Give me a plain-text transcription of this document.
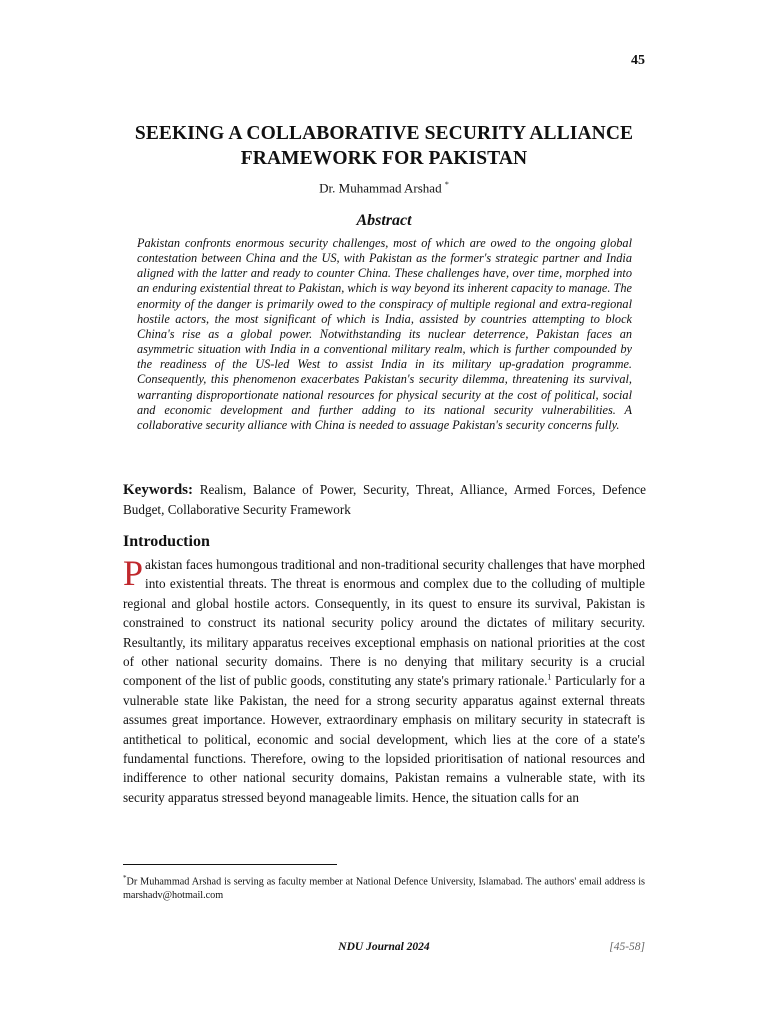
45
SEEKING A COLLABORATIVE SECURITY ALLIANCE
FRAMEWORK FOR PAKISTAN
Dr. Muhammad Arshad *
Abstract
Pakistan confronts enormous security challenges, most of which are owed to the ongoing global contestation between China and the US, with Pakistan as the former's strategic partner and India aligned with the latter and ready to counter China. These challenges have, over time, morphed into an enduring existential threat to Pakistan, which is way beyond its inherent capacity to manage. The enormity of the danger is primarily owed to the conspiracy of multiple regional and extra-regional hostile actors, the most significant of which is India, assisted by countries attempting to block China's rise as a global power. Notwithstanding its nuclear deterrence, Pakistan faces an asymmetric situation with India in a conventional military realm, which is further compounded by the readiness of the US-led West to assist India in its military up-gradation programme. Consequently, this phenomenon exacerbates Pakistan's security dilemma, threatening its survival, warranting disproportionate national resources for physical security at the cost of political, social and economic development and further adding to its national security vulnerabilities. A collaborative security alliance with China is needed to assuage Pakistan's security concerns fully.
Keywords: Realism, Balance of Power, Security, Threat, Alliance, Armed Forces, Defence Budget, Collaborative Security Framework
Introduction
Pakistan faces humongous traditional and non-traditional security challenges that have morphed into existential threats. The threat is enormous and complex due to the colluding of multiple regional and global hostile actors. Consequently, in its quest to ensure its survival, Pakistan is constrained to construct its national security policy around the dictates of military security. Resultantly, its military apparatus receives exceptional emphasis on national priorities at the cost of other national security domains. There is no denying that military security is a crucial component of the list of public goods, constituting any state's primary rationale.$^1$ Particularly for a vulnerable state like Pakistan, the need for a strong security apparatus against external threats assumes great importance. However, extraordinary emphasis on military security in statecraft is antithetical to political, economic and social development, which lies at the core of a state's fundamental functions. Therefore, owing to the lopsided prioritisation of national resources and indifference to other national security domains, Pakistan remains a vulnerable state, with its security apparatus stressed beyond manageable limits. Hence, the situation calls for an
*Dr Muhammad Arshad is serving as faculty member at National Defence University, Islamabad. The authors' email address is marshadv@hotmail.com
NDU Journal 2024	[45-58]
